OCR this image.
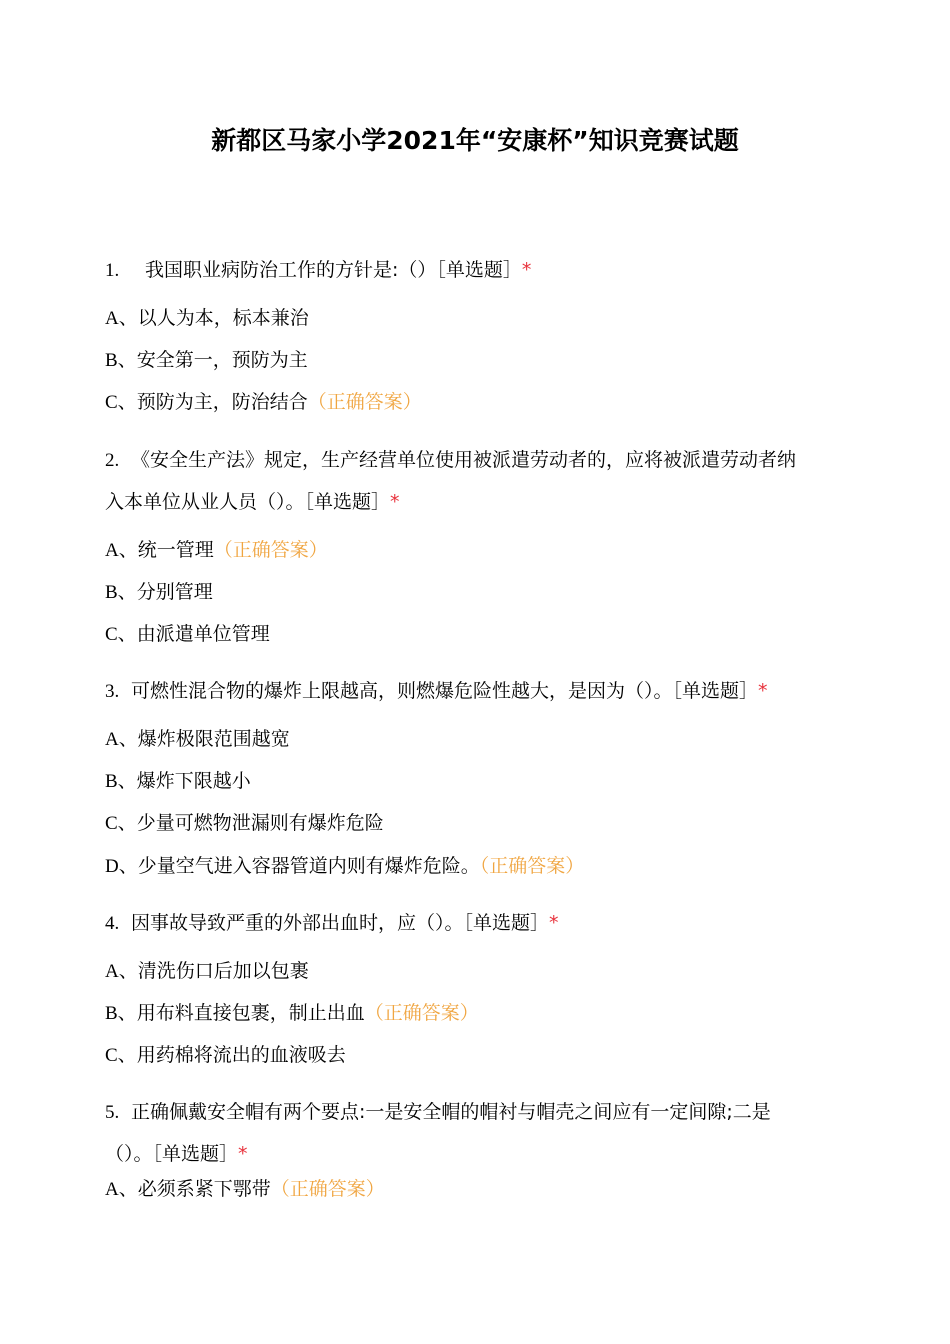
新都区马家小学2021年“安康杯”知识竞赛试题
1. 我国职业病防治工作的方针是:（）［单选题］*
A、以人为本，标本兼治
B、安全第一，预防为主
C、预防为主，防治结合（正确答案）
2. 《安全生产法》规定，生产经营单位使用被派遣劳动者的，应将被派遣劳动者纳
入本单位从业人员（）。［单选题］*
A、统一管理（正确答案）
B、分别管理
C、由派遣单位管理
3. 可燃性混合物的爆炸上限越高，则燃爆危险性越大，是因为（）。［单选题］*
A、爆炸极限范围越宽
B、爆炸下限越小
C、少量可燃物泄漏则有爆炸危险
D、少量空气进入容器管道内则有爆炸危险。（正确答案）
4. 因事故导致严重的外部出血时，应（）。［单选题］*
A、清洗伤口后加以包裹
B、用布料直接包裹，制止出血（正确答案）
C、用药棉将流出的血液吸去
5. 正确佩戴安全帽有两个要点:一是安全帽的帽衬与帽壳之间应有一定间隙;二是
（）。［单选题］*
A、必须系紧下鄂带（正确答案）
